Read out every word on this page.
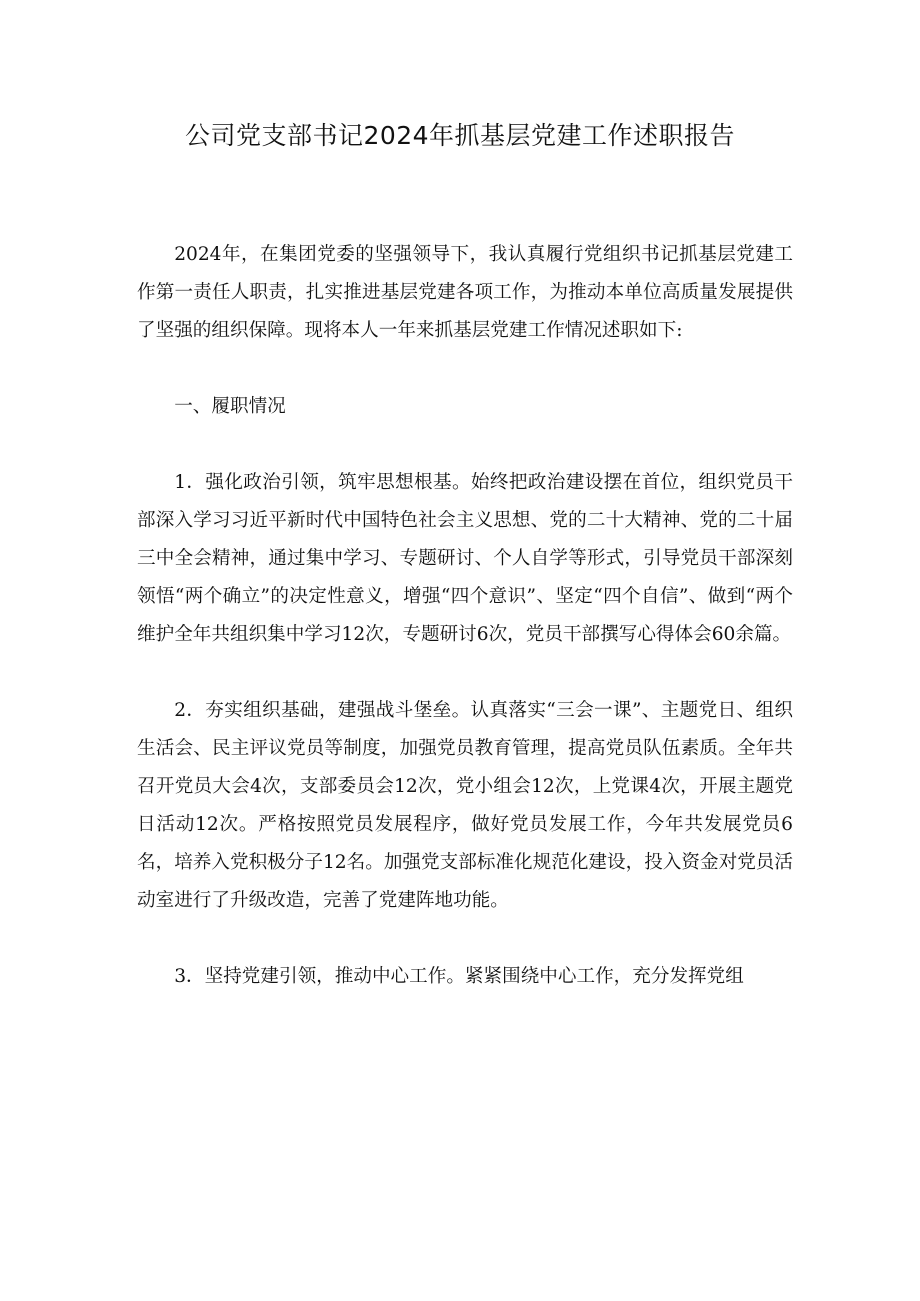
公司党支部书记2024年抓基层党建工作述职报告

2024年，在集团党委的坚强领导下，我认真履行党组织书记抓基层党建工作第一责任人职责，扎实推进基层党建各项工作，为推动本单位高质量发展提供了坚强的组织保障。现将本人一年来抓基层党建工作情况述职如下:

一、履职情况

1．强化政治引领，筑牢思想根基。始终把政治建设摆在首位，组织党员干部深入学习习近平新时代中国特色社会主义思想、党的二十大精神、党的二十届三中全会精神，通过集中学习、专题研讨、个人自学等形式，引导党员干部深刻领悟“两个确立”的决定性意义，增强“四个意识”、坚定“四个自信”、做到“两个维护全年共组织集中学习12次，专题研讨6次，党员干部撰写心得体会60余篇。

2．夯实组织基础，建强战斗堡垒。认真落实“三会一课”、主题党日、组织生活会、民主评议党员等制度，加强党员教育管理，提高党员队伍素质。全年共召开党员大会4次，支部委员会12次，党小组会12次，上党课4次，开展主题党日活动12次。严格按照党员发展程序，做好党员发展工作，今年共发展党员6名，培养入党积极分子12名。加强党支部标准化规范化建设，投入资金对党员活动室进行了升级改造，完善了党建阵地功能。

3．坚持党建引领，推动中心工作。紧紧围绕中心工作，充分发挥党组
